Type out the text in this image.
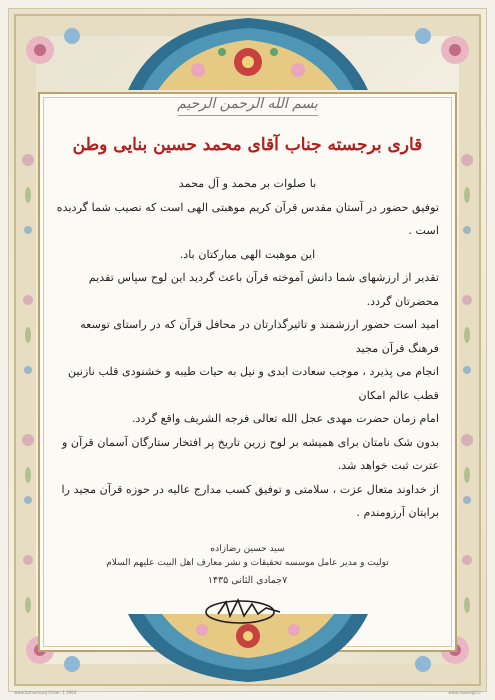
بسم الله الرحمن الرحیم
قاری برجسته جناب آقای محمد حسین بنایی وطن

با صلوات بر محمد و آل محمد

توفیق حضور در آستان مقدس قرآن کریم موهبتی الهی است که نصیب شما گردیده است .

این موهبت الهی مبارکتان باد.

تقدیر از ارزشهای شما دانش آموخته قرآن باعث گردید این لوح سپاس تقدیم محضرتان گردد.

امید است حضور ارزشمند و تاثیرگذارتان در محافل قرآن که در راستای توسعه فرهنگ قرآن مجید

انجام می پذیرد ، موجب سعادت ابدی و نیل به حیات طیبه و خشنودی قلب نازنین قطب عالم امکان

امام زمان حضرت مهدی عجل الله تعالی فرجه الشریف واقع گردد.

بدون شک نامتان برای همیشه بر لوح زرین تاریخ پر افتخار ستارگان آسمان قرآن و عترت ثبت خواهد شد.

از خداوند متعال عزت ، سلامتی و توفیق کسب مدارج عالیه در حوزه قرآن مجید را برایتان آرزومندم .

سید حسین رضازاده
تولیت و مدیر عامل موسسه تحقیقات و نشر معارف اهل البیت علیهم السلام
۷جمادی الثانی ۱۴۳۵
www.tamamsanj Order: 1 5964	www.maaregh.ir
